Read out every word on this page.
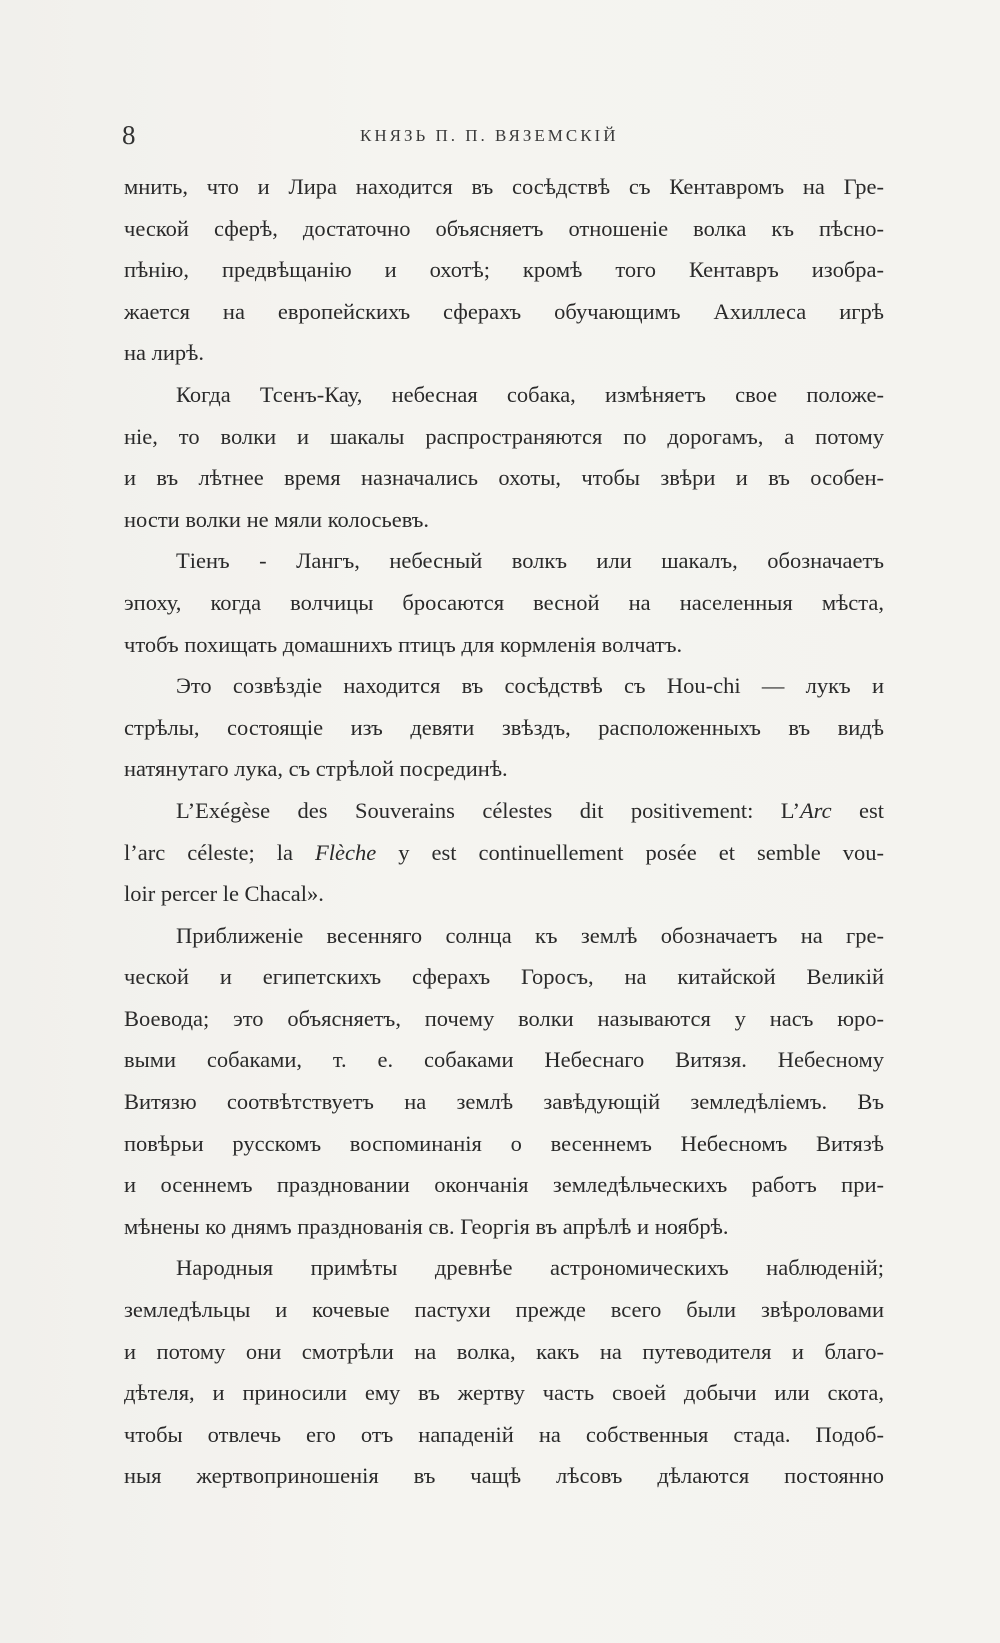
8	КНЯЗЬ П. П. ВЯЗЕМСКIЙ
мнить, что и Лира находится въ сосѣдствѣ съ Кентавромъ на Гре-
ческой сферѣ, достаточно объясняетъ отношенiе волка къ пѣсно-
пѣнiю, предвѣщанiю и охотѣ; кромѣ того Кентавръ изобра-
жается на европейскихъ сферахъ обучающимъ Ахиллеса игрѣ
на лирѣ.
Когда Тсенъ-Кау, небесная собака, измѣняетъ свое положе-
нiе, то волки и шакалы распространяются по дорогамъ, а потому
и въ лѣтнее время назначались охоты, чтобы звѣри и въ особен-
ности волки не мяли колосьевъ.
Тiенъ - Лангъ, небесный волкъ или шакалъ, обозначаетъ
эпоху, когда волчицы бросаются весной на населенныя мѣста,
чтобъ похищать домашнихъ птицъ для кормленiя волчатъ.
Это созвѣздiе находится въ сосѣдствѣ съ Hou-chi — лукъ и
стрѣлы, состоящiе изъ девяти звѣздъ, расположенныхъ въ видѣ
натянутаго лука, съ стрѣлой посрединѣ.
L’Exégèse des Souverains célestes dit positivement: L’Arc est
l’arc céleste; la Flèche y est continuellement posée et semble vou-
loir percer le Chacal».
Приближенiе весенняго солнца къ землѣ обозначаетъ на гре-
ческой и египетскихъ сферахъ Горосъ, на китайской Великiй
Воевода; это объясняетъ, почему волки называются у насъ юро-
выми собаками, т. е. собаками Небеснаго Витязя. Небесному
Витязю соотвѣтствуетъ на землѣ завѣдующiй земледѣлiемъ. Въ
повѣрьи русскомъ воспоминанiя о весеннемъ Небесномъ Витязѣ
и осеннемъ праздновании окончанiя земледѣльческихъ работъ при-
мѣнены ко днямъ празднованiя св. Георгiя въ апрѣлѣ и ноябрѣ.
Народныя примѣты древнѣе астрономическихъ наблюденiй;
земледѣльцы и кочевые пастухи прежде всего были звѣроловами
и потому они смотрѣли на волка, какъ на путеводителя и благо-
дѣтеля, и приносили ему въ жертву часть своей добычи или скота,
чтобы отвлечь его отъ нападенiй на собственныя стада. Подоб-
ныя жертвоприношенiя въ чащѣ лѣсовъ дѣлаются постоянно
